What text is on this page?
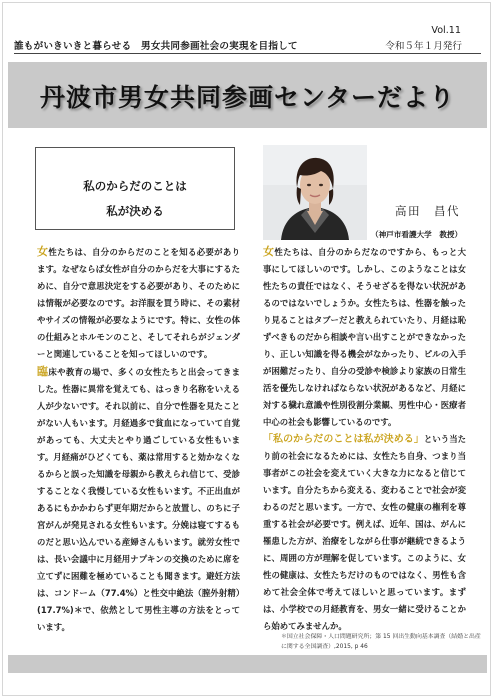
誰もがいきいきと暮らせる　男女共同参画社会の実現を目指して
Vol.11
令和５年１月発行
丹波市男女共同参画センターだより
私のからだのことは
私が決める	高田　昌代
（神戸市看護大学　教授）

女性たちは、自分のからだのことを知る必要があります。なぜならば女性が自分のからだを大事にするために、自分で意思決定をする必要があり、そのためには情報が必要なのです。お洋服を買う時に、その素材やサイズの情報が必要なようにです。特に、女性の体の仕組みとホルモンのこと、そしてそれらがジェンダーと関連していることを知ってほしいのです。

臨床や教育の場で、多くの女性たちと出会ってきました。性器に異常を覚えても、はっきり名称をいえる人が少ないです。それ以前に、自分で性器を見たことがない人もいます。月経過多で貧血になっていて自覚があっても、大丈夫とやり過ごしている女性もいます。月経痛がひどくても、薬は常用すると効かなくなるからと誤った知識を母親から教えられ信じて、受診することなく我慢している女性もいます。不正出血があるにもかかわらず更年期だからと放置し、のちに子宮がんが発見される女性もいます。分娩は寝てするものだと思い込んでいる産婦さんもいます。就労女性では、長い会議中に月経用ナプキンの交換のために席を立てずに困難を極めていることも聞きます。避妊方法は、コンドーム（77.4%）と性交中絶法（膣外射精）(17.7%)＊で、依然として男性主導の方法をとっています。

女性たちは、自分のからだなのですから、もっと大事にしてほしいのです。しかし、このようなことは女性たちの責任ではなく、そうせざるを得ない状況があるのではないでしょうか。女性たちは、性器を触ったり見ることはタブーだと教えられていたり、月経は恥ずべきものだから相談や言い出すことができなかったり、正しい知識を得る機会がなかったり、ピルの入手が困難だったり、自分の受診や検診より家族の日常生活を優先しなければならない状況があるなど、月経に対する穢れ意識や性別役割分業観、男性中心・医療者中心の社会も影響しているのです。

「私のからだのことは私が決める」という当たり前の社会になるためには、女性たち自身、つまり当事者がこの社会を変えていく大きな力になると信じています。自分たちから変える、変わることで社会が変わるのだと思います。一方で、女性の健康の権利を尊重する社会が必要です。例えば、近年、国は、がんに罹患した方が、治療をしながら仕事が継続できるように、周囲の方が理解を促しています。このように、女性の健康は、女性たちだけのものではなく、男性も含めて社会全体で考えてほしいと思っています。まずは、小学校での月経教育を、男女一緒に受けることから始めてみませんか。

＊国立社会保障・人口問題研究所；第 15 回出生動向基本調査（結婚と出産に関する全国調査）,2015, p 46
